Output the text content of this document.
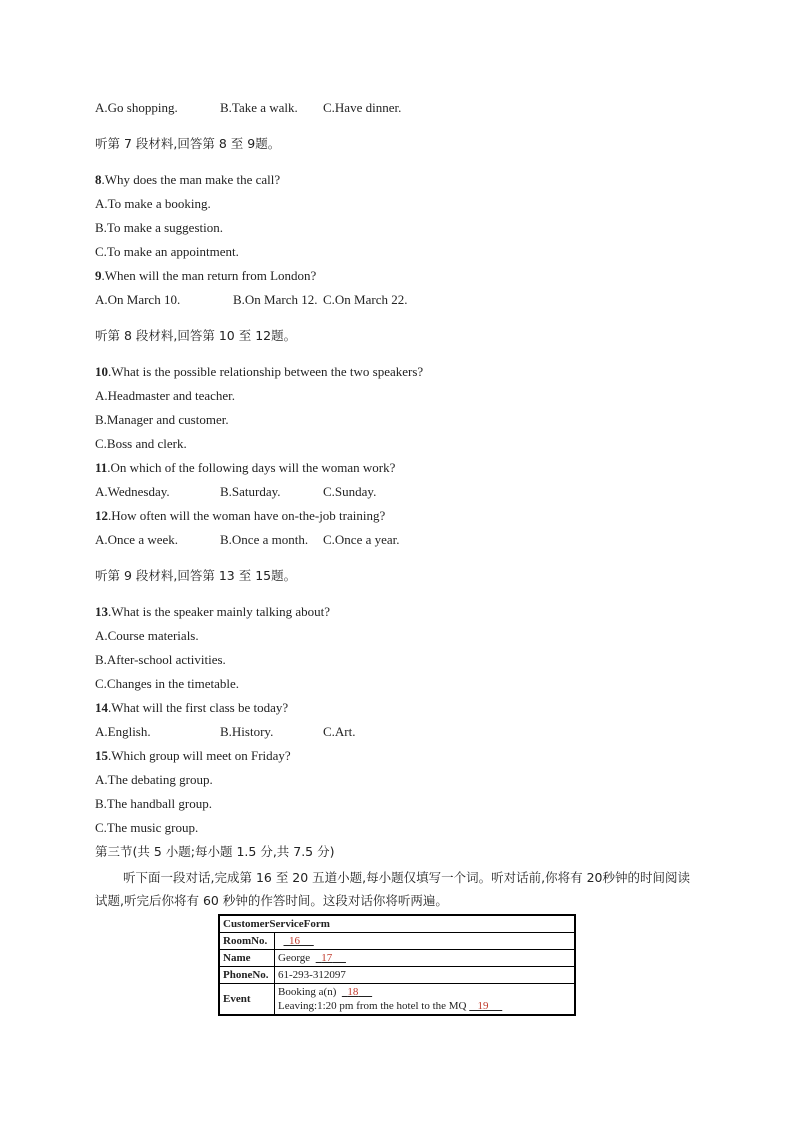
A.Go shopping.	B.Take a walk. C.Have dinner.
听第 7 段材料,回答第 8 至 9题。
8.Why does the man make the call?
A.To make a booking.
B.To make a suggestion.
C.To make an appointment.
9.When will the man return from London?
A.On March 10.	B.On March 12. C.On March 22.
听第 8 段材料,回答第 10 至 12题。
10.What is the possible relationship between the two speakers?
A.Headmaster and teacher.
B.Manager and customer.
C.Boss and clerk.
11.On which of the following days will the woman work?
A.Wednesday.	B.Saturday.	C.Sunday.
12.How often will the woman have on-the-job training?
A.Once a week.	B.Once a month. C.Once a year.
听第 9 段材料,回答第 13 至 15题。
13.What is the speaker mainly talking about?
A.Course materials.
B.After-school activities.
C.Changes in the timetable.
14.What will the first class be today?
A.English.	B.History.	C.Art.
15.Which group will meet on Friday?
A.The debating group.
B.The handball group.
C.The music group.
第三节(共 5 小题;每小题 1.5 分,共 7.5 分)
听下面一段对话,完成第 16 至 20 五道小题,每小题仅填写一个词。听对话前,你将有 20秒钟的时间阅读试题,听完后你将有 60 秒钟的作答时间。这段对话你将听两遍。
CustomerServiceForm	
RoomNo.	16
Name	George 17
PhoneNo.	61-293-312097
Event	Booking a(n) 18
Leaving:1:20 pm from the hotel to the MQ 19
